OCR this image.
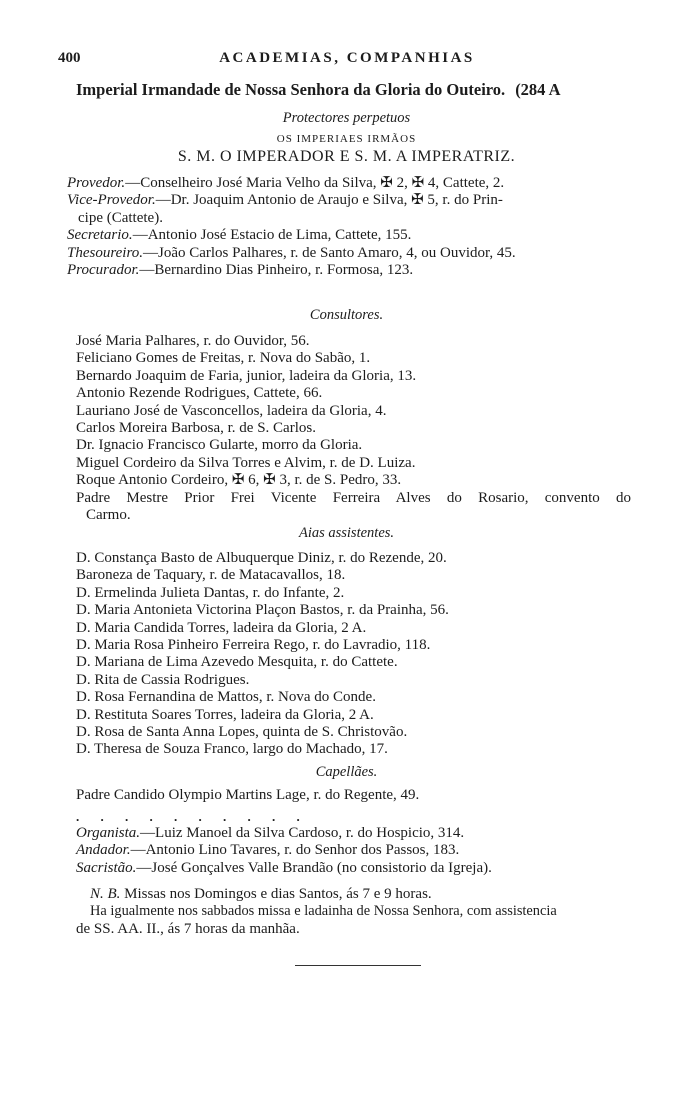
400	ACADEMIAS, COMPANHIAS
Imperial Irmandade de Nossa Senhora da Gloria do Outeiro. (284 A
Protectores perpetuos
OS IMPERIAES IRMÃOS
S. M. O IMPERADOR E S. M. A IMPERATRIZ.
Provedor.—Conselheiro José Maria Velho da Silva, ✠ 2, ✠ 4, Cattete, 2.
Vice-Provedor.—Dr. Joaquim Antonio de Araujo e Silva, ✠ 5, r. do Prin-
cipe (Cattete).
Secretario.—Antonio José Estacio de Lima, Cattete, 155.
Thesoureiro.—João Carlos Palhares, r. de Santo Amaro, 4, ou Ouvidor, 45.
Procurador.—Bernardino Dias Pinheiro, r. Formosa, 123.
Consultores.
José Maria Palhares, r. do Ouvidor, 56.
Feliciano Gomes de Freitas, r. Nova do Sabão, 1.
Bernardo Joaquim de Faria, junior, ladeira da Gloria, 13.
Antonio Rezende Rodrigues, Cattete, 66.
Lauriano José de Vasconcellos, ladeira da Gloria, 4.
Carlos Moreira Barbosa, r. de S. Carlos.
Dr. Ignacio Francisco Gularte, morro da Gloria.
Miguel Cordeiro da Silva Torres e Alvim, r. de D. Luiza.
Roque Antonio Cordeiro, ✠ 6, ✠ 3, r. de S. Pedro, 33.
Padre Mestre Prior Frei Vicente Ferreira Alves do Rosario, convento do
Carmo.
Aias assistentes.
D. Constança Basto de Albuquerque Diniz, r. do Rezende, 20.
Baroneza de Taquary, r. de Matacavallos, 18.
D. Ermelinda Julieta Dantas, r. do Infante, 2.
D. Maria Antonieta Victorina Plaçon Bastos, r. da Prainha, 56.
D. Maria Candida Torres, ladeira da Gloria, 2 A.
D. Maria Rosa Pinheiro Ferreira Rego, r. do Lavradio, 118.
D. Mariana de Lima Azevedo Mesquita, r. do Cattete.
D. Rita de Cassia Rodrigues.
D. Rosa Fernandina de Mattos, r. Nova do Conde.
D. Restituta Soares Torres, ladeira da Gloria, 2 A.
D. Rosa de Santa Anna Lopes, quinta de S. Christovão.
D. Theresa de Souza Franco, largo do Machado, 17.
Capellães.
Padre Candido Olympio Martins Lage, r. do Regente, 49.
. . . . . . . . . .
Organista.—Luiz Manoel da Silva Cardoso, r. do Hospicio, 314.
Andador.—Antonio Lino Tavares, r. do Senhor dos Passos, 183.
Sacristão.—José Gonçalves Valle Brandão (no consistorio da Igreja).
N. B. Missas nos Domingos e dias Santos, ás 7 e 9 horas.
Ha igualmente nos sabbados missa e ladainha de Nossa Senhora, com assistencia
de SS. AA. II., ás 7 horas da manhãa.
